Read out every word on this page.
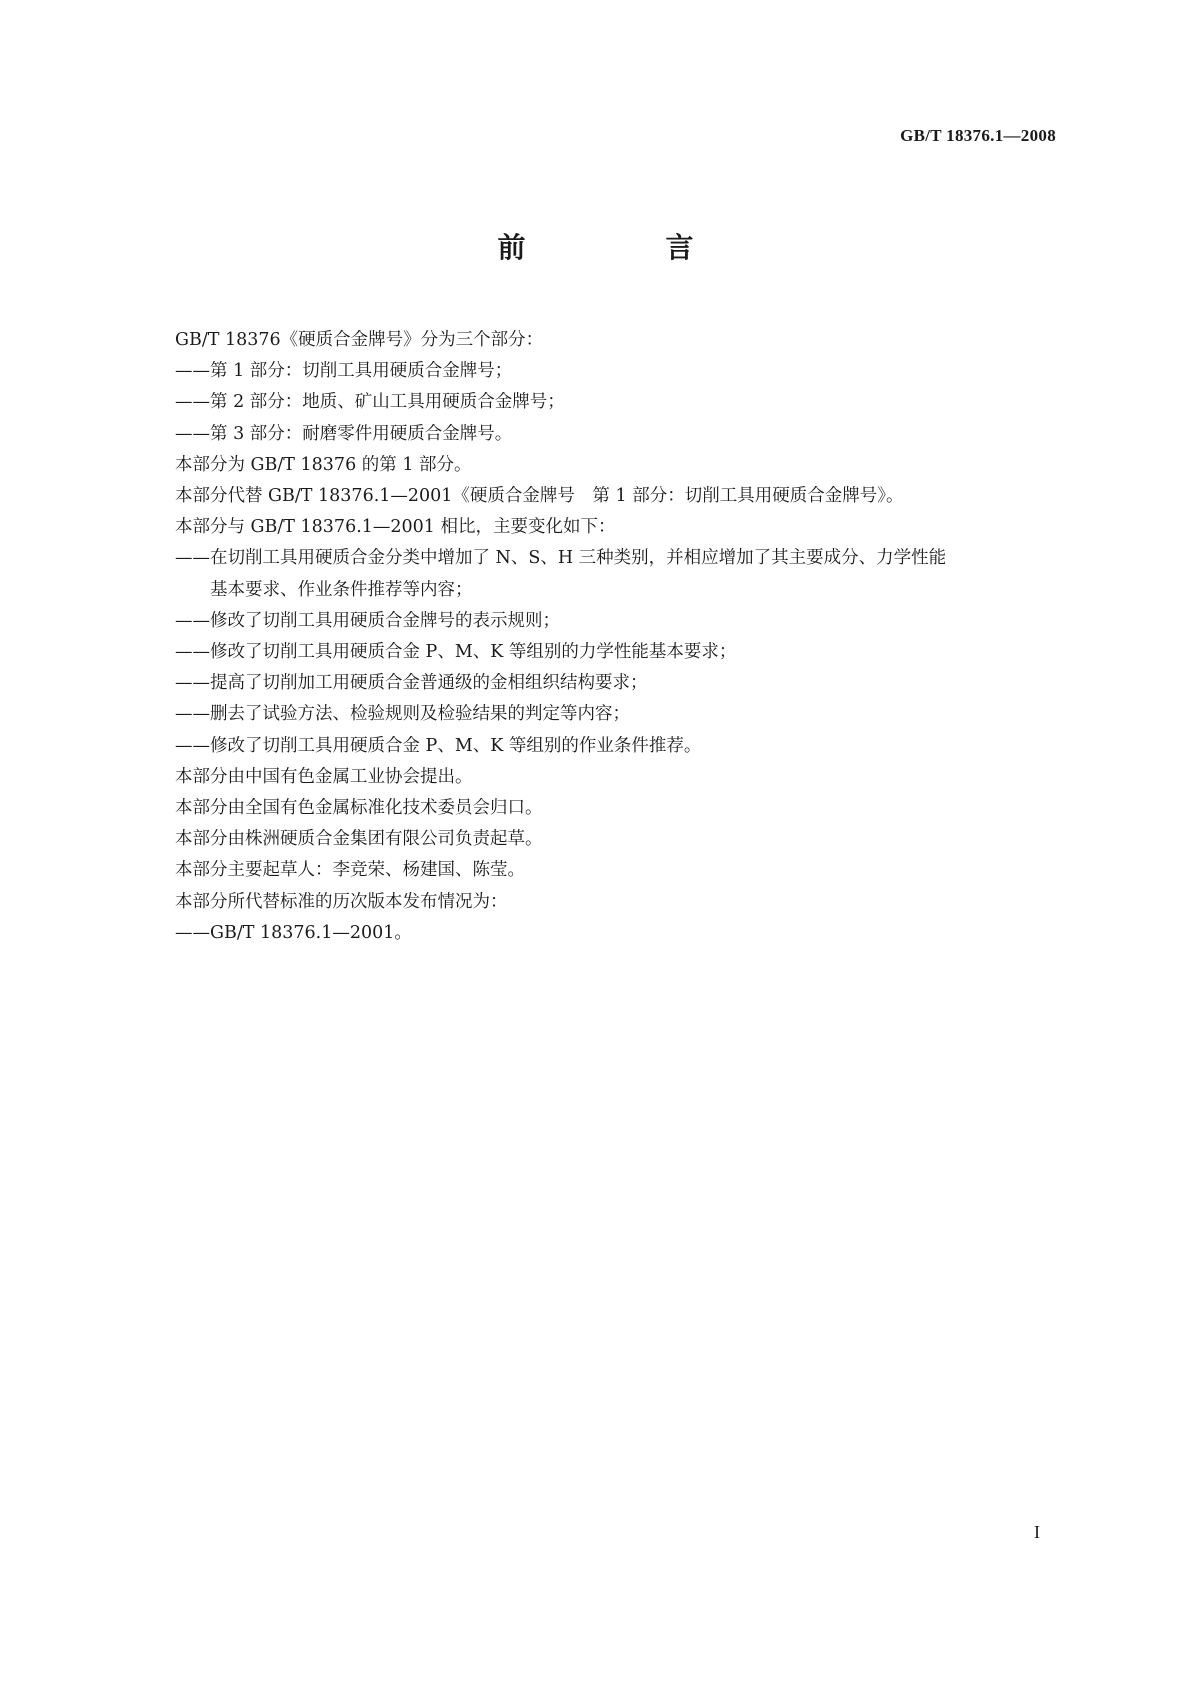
GB/T 18376.1—2008
前　言
GB/T 18376《硬质合金牌号》分为三个部分：
——第 1 部分：切削工具用硬质合金牌号；
——第 2 部分：地质、矿山工具用硬质合金牌号；
——第 3 部分：耐磨零件用硬质合金牌号。
本部分为 GB/T 18376 的第 1 部分。
本部分代替 GB/T 18376.1—2001《硬质合金牌号　第 1 部分：切削工具用硬质合金牌号》。
本部分与 GB/T 18376.1—2001 相比，主要变化如下：
——在切削工具用硬质合金分类中增加了 N、S、H 三种类别，并相应增加了其主要成分、力学性能
基本要求、作业条件推荐等内容；
——修改了切削工具用硬质合金牌号的表示规则；
——修改了切削工具用硬质合金 P、M、K 等组别的力学性能基本要求；
——提高了切削加工用硬质合金普通级的金相组织结构要求；
——删去了试验方法、检验规则及检验结果的判定等内容；
——修改了切削工具用硬质合金 P、M、K 等组别的作业条件推荐。
本部分由中国有色金属工业协会提出。
本部分由全国有色金属标准化技术委员会归口。
本部分由株洲硬质合金集团有限公司负责起草。
本部分主要起草人：李竞荣、杨建国、陈莹。
本部分所代替标准的历次版本发布情况为：
——GB/T 18376.1—2001。
I
